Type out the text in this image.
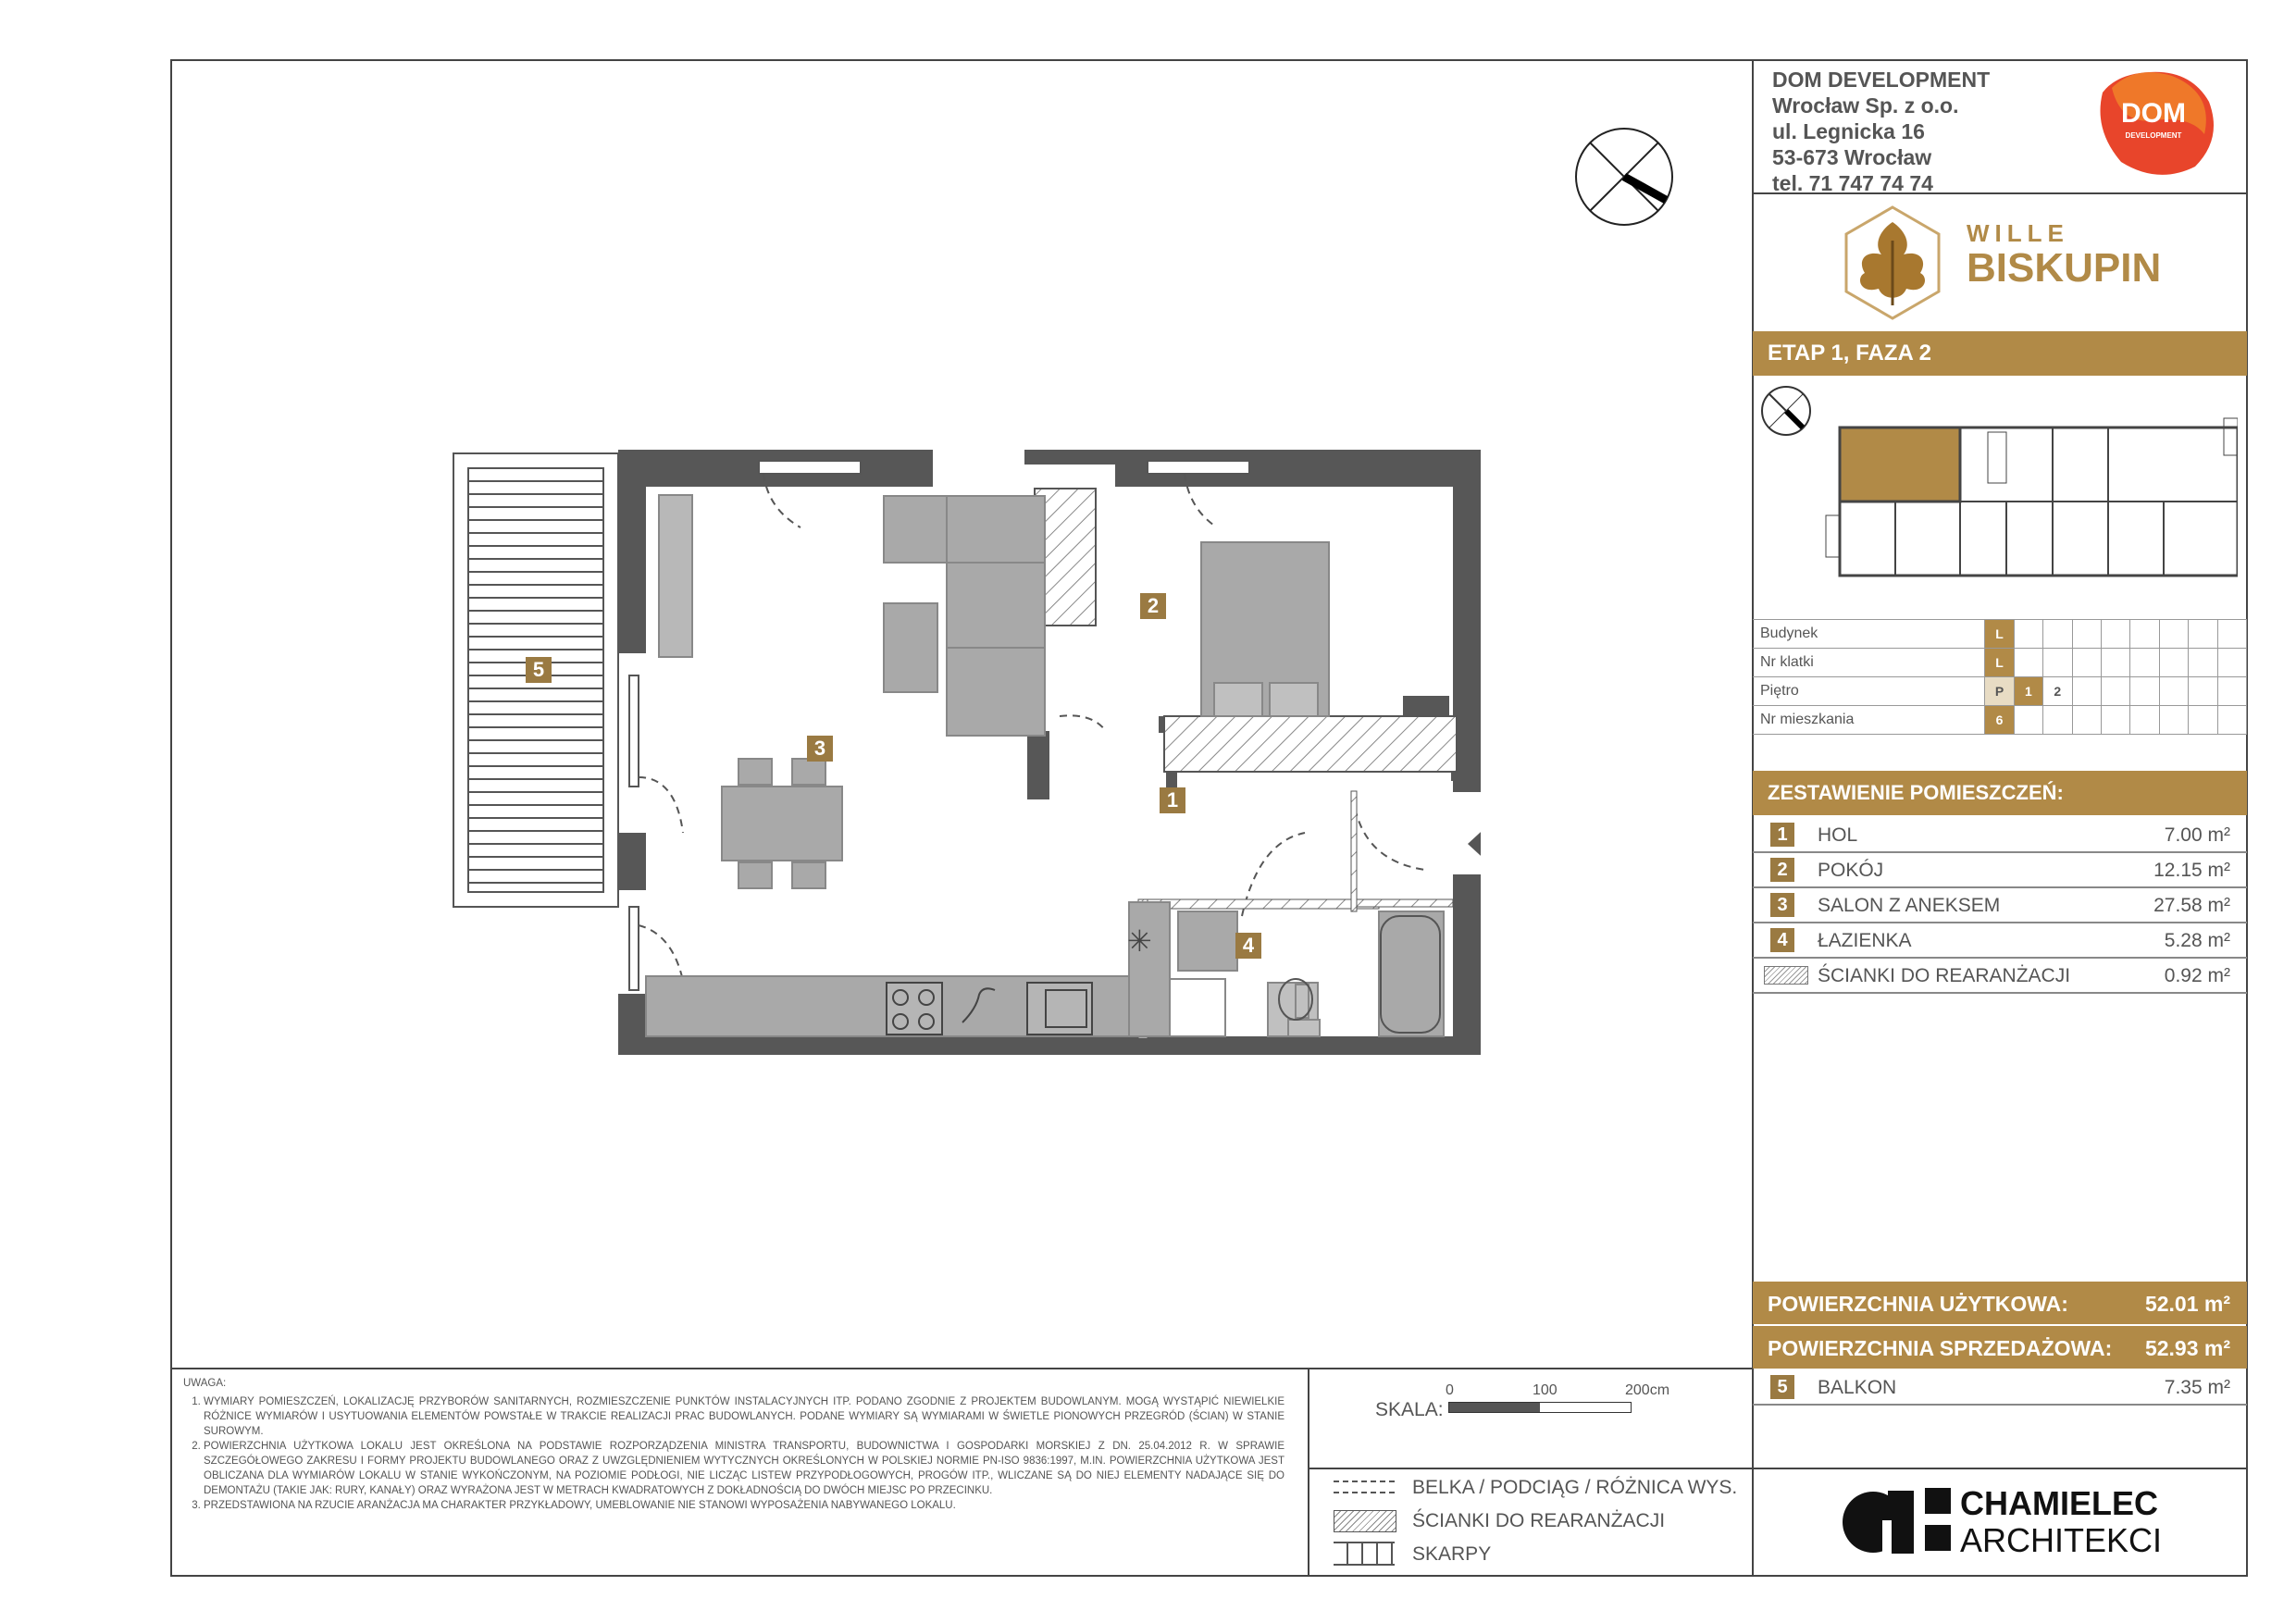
DOM DEVELOPMENT
Wrocław Sp. z o.o.
ul. Legnicka 16
53-673 Wrocław
tel. 71 747 74 74
DOM
DEVELOPMENT
WILLE
BISKUPIN
ETAP 1, FAZA 2
Budynek	L								
Nr klatki	L								
Piętro	P	1	2						
Nr mieszkania	6								
ZESTAWIENIE POMIESZCZEŃ:
1	HOL	7.00 m²
2	POKÓJ	12.15 m²
3	SALON Z ANEKSEM	27.58 m²
4	ŁAZIENKA	5.28 m²
ŚCIANKI DO REARANŻACJI	0.92 m²
POWIERZCHNIA UŻYTKOWA:	52.01 m²
POWIERZCHNIA SPRZEDAŻOWA: 52.93 m²
5	BALKON	7.35 m²
CHAMIELEC
ARCHITEKCI
UWAGA:
1. WYMIARY POMIESZCZEŃ, LOKALIZACJĘ PRZYBORÓW SANITARNYCH, ROZMIESZCZENIE PUNKTÓW INSTALACYJNYCH ITP. PODANO ZGODNIE Z PROJEKTEM BUDOWLANYM. MOGĄ WYSTĄPIĆ NIEWIELKIE RÓŻNICE WYMIARÓW I USYTUOWANIA ELEMENTÓW POWSTAŁE W TRAKCIE REALIZACJI PRAC BUDOWLANYCH. PODANE WYMIARY SĄ WYMIARAMI W ŚWIETLE PIONOWYCH PRZEGRÓD (ŚCIAN) W STANIE SUROWYM.
2. POWIERZCHNIA UŻYTKOWA LOKALU JEST OKREŚLONA NA PODSTAWIE ROZPORZĄDZENIA MINISTRA TRANSPORTU, BUDOWNICTWA I GOSPODARKI MORSKIEJ Z DN. 25.04.2012 R. W SPRAWIE SZCZEGÓŁOWEGO ZAKRESU I FORMY PROJEKTU BUDOWLANEGO ORAZ Z UWZGLĘDNIENIEM WYTYCZNYCH OKREŚLONYCH W POLSKIEJ NORMIE PN-ISO 9836:1997, M.IN. POWIERZCHNIA UŻYTKOWA JEST OBLICZANA DLA WYMIARÓW LOKALU W STANIE WYKOŃCZONYM, NA POZIOMIE PODŁOGI, NIE LICZĄC LISTEW PRZYPODŁOGOWYCH, PROGÓW ITP., WLICZANE SĄ DO NIEJ ELEMENTY NADAJĄCE SIĘ DO DEMONTAŻU (TAKIE JAK: RURY, KANAŁY) ORAZ WYRAŻONA JEST W METRACH KWADRATOWYCH Z DOKŁADNOŚCIĄ DO DWÓCH MIEJSC PO PRZECINKU.
3. PRZEDSTAWIONA NA RZUCIE ARANŻACJA MA CHARAKTER PRZYKŁADOWY, UMEBLOWANIE NIE STANOWI WYPOSAŻENIA NABYWANEGO LOKALU.
SKALA:
0	100	200cm
BELKA / PODCIĄG / RÓŻNICA WYS.
ŚCIANKI DO REARANŻACJI
SKARPY
✳
1
2
3
4
5
